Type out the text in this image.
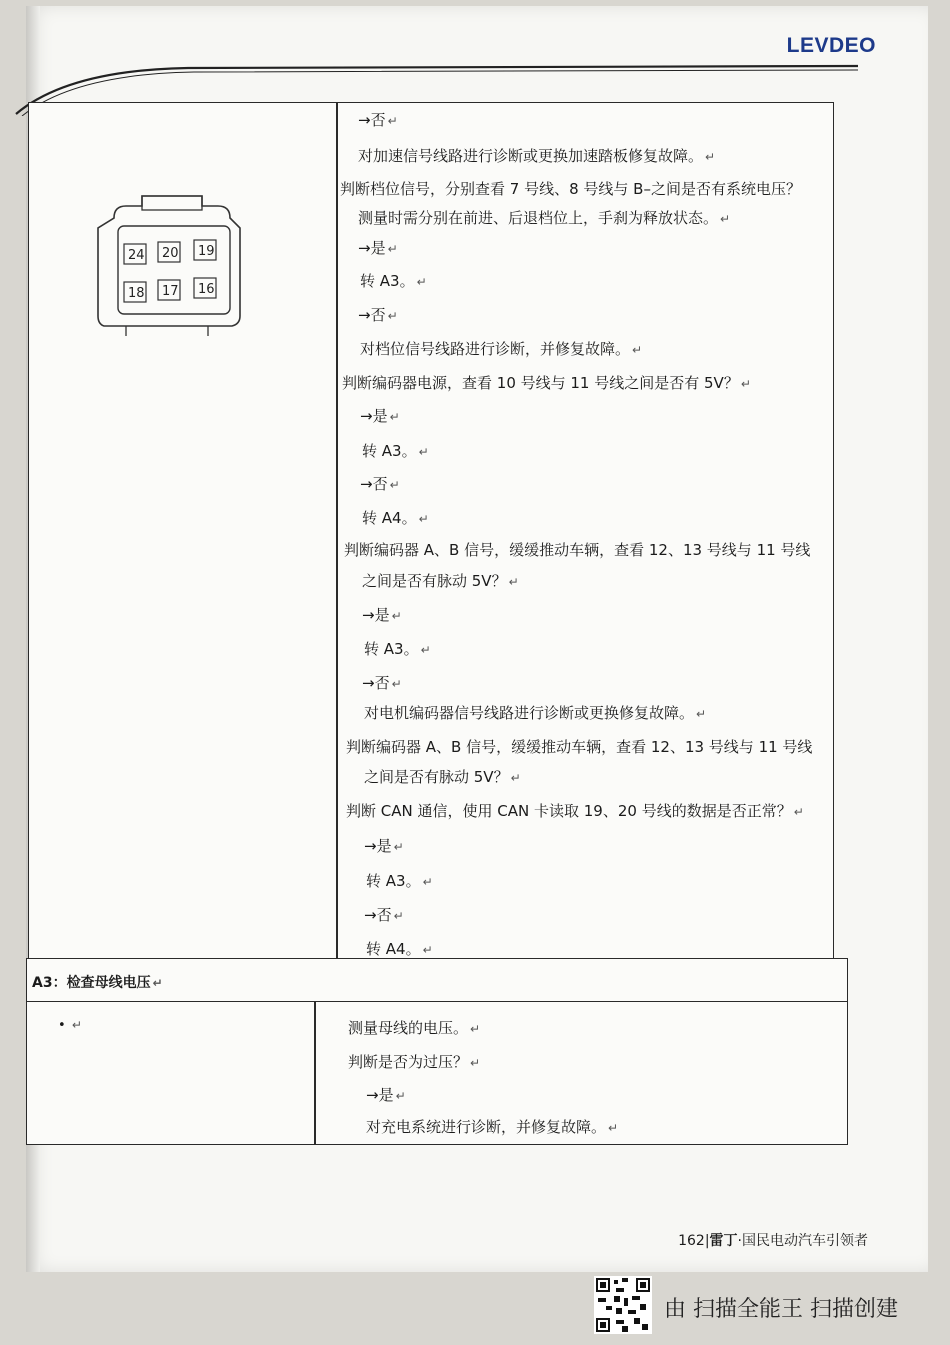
LEVDEO
24 20 19
18 17 16
→否 ↵
对加速信号线路进行诊断或更换加速踏板修复故障。 ↵
判断档位信号，分别查看 7 号线、8 号线与 B–之间是否有系统电压？
测量时需分别在前进、后退档位上，手刹为释放状态。 ↵
→是 ↵
转 A3。 ↵
→否 ↵
对档位信号线路进行诊断，并修复故障。 ↵
判断编码器电源，查看 10 号线与 11 号线之间是否有 5V？ ↵
→是 ↵
转 A3。 ↵
→否 ↵
转 A4。 ↵
判断编码器 A、B 信号，缓缓推动车辆，查看 12、13 号线与 11 号线
之间是否有脉动 5V？ ↵
→是 ↵
转 A3。 ↵
→否 ↵
对电机编码器信号线路进行诊断或更换修复故障。 ↵
判断编码器 A、B 信号，缓缓推动车辆，查看 12、13 号线与 11 号线
之间是否有脉动 5V？ ↵
判断 CAN 通信，使用 CAN 卡读取 19、20 号线的数据是否正常？ ↵
→是 ↵
转 A3。 ↵
→否 ↵
转 A4。 ↵
A3：检查母线电压 ↵
• ↵	测量母线的电压。 ↵
判断是否为过压？ ↵
→是 ↵
对充电系统进行诊断，并修复故障。 ↵
162|雷丁·国民电动汽车引领者
由 扫描全能王 扫描创建
